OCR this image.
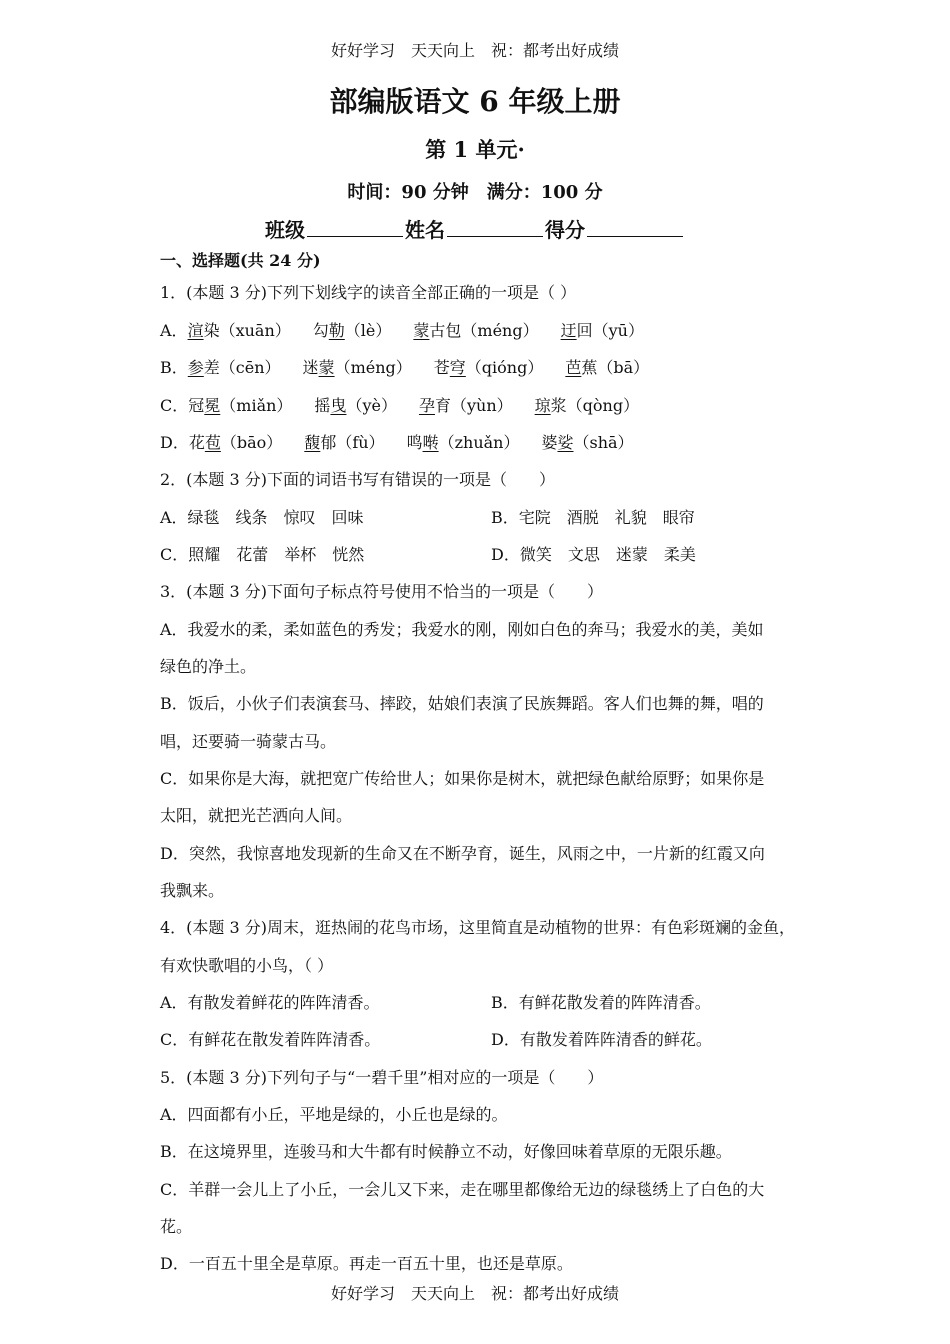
好好学习　天天向上　祝：都考出好成绩
部编版语文 6 年级上册
第 1 单元·
时间：90 分钟　满分：100 分
班级	姓名	得分
一、选择题(共 24 分)
1．(本题 3 分)下列下划线字的读音全部正确的一项是（ ）
A．渲染（xuān） 勾勒（lè） 蒙古包（méng） 迂回（yū）
B．参差（cēn） 迷蒙（méng） 苍穹（qióng） 芭蕉（bā）
C．冠冕（miǎn） 摇曳（yè） 孕育（yùn） 琼浆（qòng）
D．花苞（bāo） 馥郁（fù） 鸣啭（zhuǎn） 婆娑（shā）
2．(本题 3 分)下面的词语书写有错误的一项是（　　）
A．绿毯　线条　惊叹　回味	B．宅院　酒脱　礼貌　眼帘
C．照耀　花蕾　举杯　恍然	D．微笑　文思　迷蒙　柔美
3．(本题 3 分)下面句子标点符号使用不恰当的一项是（　　）
A．我爱水的柔，柔如蓝色的秀发；我爱水的刚，刚如白色的奔马；我爱水的美，美如
绿色的净土。
B．饭后，小伙子们表演套马、摔跤，姑娘们表演了民族舞蹈。客人们也舞的舞，唱的
唱，还要骑一骑蒙古马。
C．如果你是大海，就把宽广传给世人；如果你是树木，就把绿色献给原野；如果你是
太阳，就把光芒洒向人间。
D．突然，我惊喜地发现新的生命又在不断孕育，诞生，风雨之中，一片新的红霞又向
我飘来。
4．(本题 3 分)周末，逛热闹的花鸟市场，这里简直是动植物的世界：有色彩斑斓的金鱼，
有欢快歌唱的小鸟，（ ）
A．有散发着鲜花的阵阵清香。	B．有鲜花散发着的阵阵清香。
C．有鲜花在散发着阵阵清香。	D．有散发着阵阵清香的鲜花。
5．(本题 3 分)下列句子与“一碧千里”相对应的一项是（　　）
A．四面都有小丘，平地是绿的，小丘也是绿的。
B．在这境界里，连骏马和大牛都有时候静立不动，好像回味着草原的无限乐趣。
C．羊群一会儿上了小丘，一会儿又下来，走在哪里都像给无边的绿毯绣上了白色的大
花。
D．一百五十里全是草原。再走一百五十里，也还是草原。
好好学习　天天向上　祝：都考出好成绩
